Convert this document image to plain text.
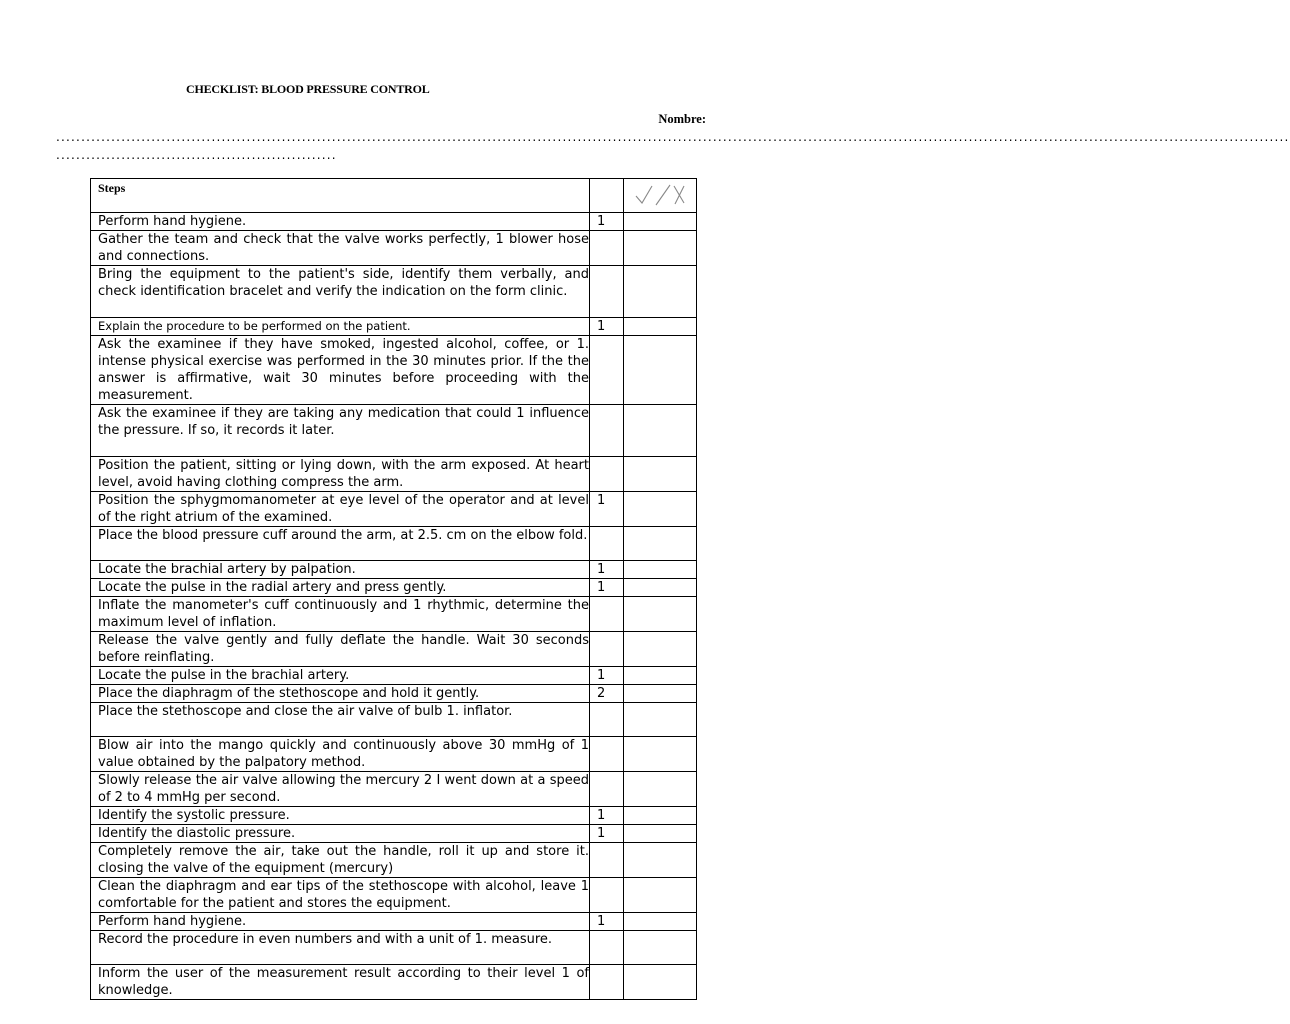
CHECKLIST: BLOOD PRESSURE CONTROL
Nombre:
......................................................................................................................................................................................................................................................
........................................................
Steps

Perform hand hygiene.	1	
Gather the team and check that the valve works perfectly, 1 blower hose and connections.		
Bring the equipment to the patient's side, identify them verbally, and check identification bracelet and verify the indication on the form clinic.		
Explain the procedure to be performed on the patient.	1	
Ask the examinee if they have smoked, ingested alcohol, coffee, or 1. intense physical exercise was performed in the 30 minutes prior. If the the answer is affirmative, wait 30 minutes before proceeding with the measurement.		
Ask the examinee if they are taking any medication that could 1 influence the pressure. If so, it records it later.		
Position the patient, sitting or lying down, with the arm exposed. At heart level, avoid having clothing compress the arm.		
Position the sphygmomanometer at eye level of the operator and at level of the right atrium of the examined.	1	
Place the blood pressure cuff around the arm, at 2.5. cm on the elbow fold.		
Locate the brachial artery by palpation.	1	
Locate the pulse in the radial artery and press gently.	1	
Inflate the manometer's cuff continuously and 1 rhythmic, determine the maximum level of inflation.		
Release the valve gently and fully deflate the handle. Wait 30 seconds before reinflating.		
Locate the pulse in the brachial artery.	1	
Place the diaphragm of the stethoscope and hold it gently.	2	
Place the stethoscope and close the air valve of bulb 1. inflator.		
Blow air into the mango quickly and continuously above 30 mmHg of 1 value obtained by the palpatory method.		
Slowly release the air valve allowing the mercury 2 I went down at a speed of 2 to 4 mmHg per second.		
Identify the systolic pressure.	1	
Identify the diastolic pressure.	1	
Completely remove the air, take out the handle, roll it up and store it. closing the valve of the equipment (mercury)		
Clean the diaphragm and ear tips of the stethoscope with alcohol, leave 1 comfortable for the patient and stores the equipment.		
Perform hand hygiene.	1	
Record the procedure in even numbers and with a unit of 1. measure.		
Inform the user of the measurement result according to their level 1 of knowledge.		
